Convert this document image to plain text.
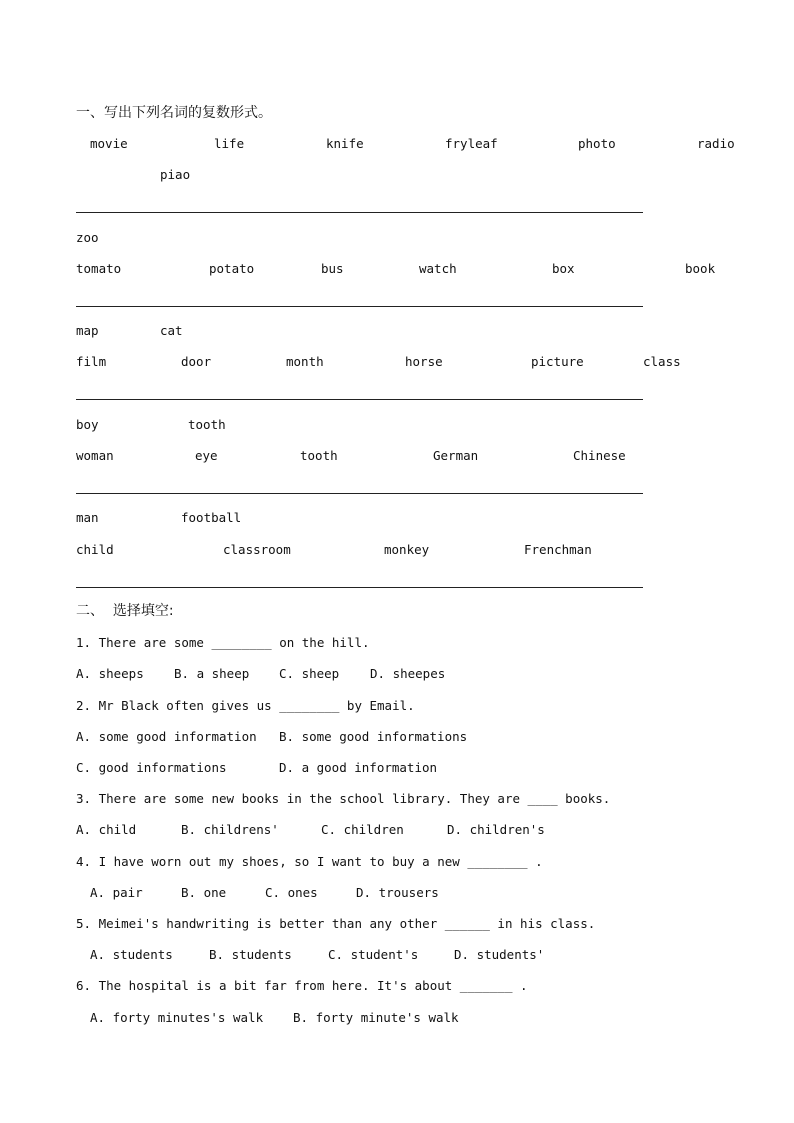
一、写出下列名词的复数形式。
movie	life	knife	fryleaf	photo	radio
piao
zoo
tomato	potato	bus	watch	box	book
map	cat
film	door	month	horse	picture	class
boy	tooth
woman	eye	tooth	German	Chinese
man	football
child	classroom	monkey	Frenchman
二、  选择填空:
1. There are some ________ on the hill.
A. sheeps B. a sheep C. sheep D. sheepes
2. Mr Black often gives us ________ by Email.
A. some good information B. some good informations
C. good informations	D. a good information
3. There are some new books in the school library. They are ____ books.
A. child	B. childrens'	C. children	D. children's
4. I have worn out my shoes, so I want to buy a new ________ .
A. pair	B. one	C. ones	D. trousers
5. Meimei's handwriting is better than any other ______ in his class.
A. students	B. students	C. student's	D. students'
6. The hospital is a bit far from here. It's about _______ .
A. forty minutes's walk B. forty minute's walk
